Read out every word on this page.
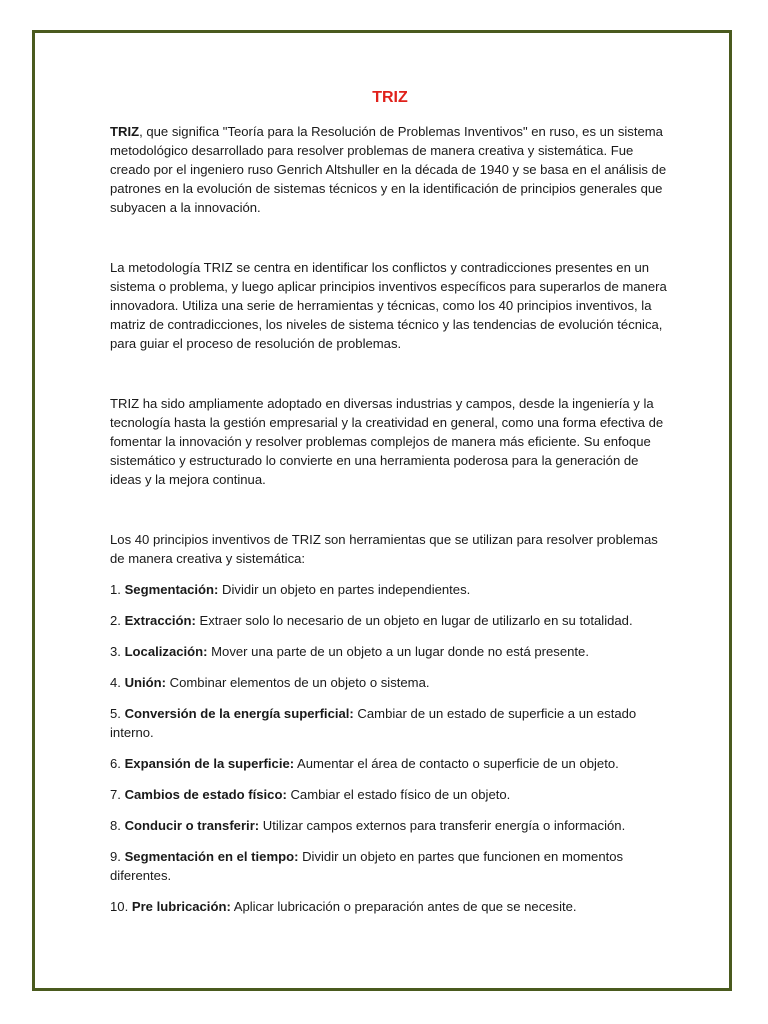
TRIZ

TRIZ, que significa "Teoría para la Resolución de Problemas Inventivos" en ruso, es un sistema metodológico desarrollado para resolver problemas de manera creativa y sistemática. Fue creado por el ingeniero ruso Genrich Altshuller en la década de 1940 y se basa en el análisis de patrones en la evolución de sistemas técnicos y en la identificación de principios generales que subyacen a la innovación.

La metodología TRIZ se centra en identificar los conflictos y contradicciones presentes en un sistema o problema, y luego aplicar principios inventivos específicos para superarlos de manera innovadora. Utiliza una serie de herramientas y técnicas, como los 40 principios inventivos, la matriz de contradicciones, los niveles de sistema técnico y las tendencias de evolución técnica, para guiar el proceso de resolución de problemas.

TRIZ ha sido ampliamente adoptado en diversas industrias y campos, desde la ingeniería y la tecnología hasta la gestión empresarial y la creatividad en general, como una forma efectiva de fomentar la innovación y resolver problemas complejos de manera más eficiente. Su enfoque sistemático y estructurado lo convierte en una herramienta poderosa para la generación de ideas y la mejora continua.

Los 40 principios inventivos de TRIZ son herramientas que se utilizan para resolver problemas de manera creativa y sistemática:

1. Segmentación: Dividir un objeto en partes independientes.

2. Extracción: Extraer solo lo necesario de un objeto en lugar de utilizarlo en su totalidad.

3. Localización: Mover una parte de un objeto a un lugar donde no está presente.

4. Unión: Combinar elementos de un objeto o sistema.

5. Conversión de la energía superficial: Cambiar de un estado de superficie a un estado interno.

6. Expansión de la superficie: Aumentar el área de contacto o superficie de un objeto.

7. Cambios de estado físico: Cambiar el estado físico de un objeto.

8. Conducir o transferir: Utilizar campos externos para transferir energía o información.

9. Segmentación en el tiempo: Dividir un objeto en partes que funcionen en momentos diferentes.

10. Pre lubricación: Aplicar lubricación o preparación antes de que se necesite.
